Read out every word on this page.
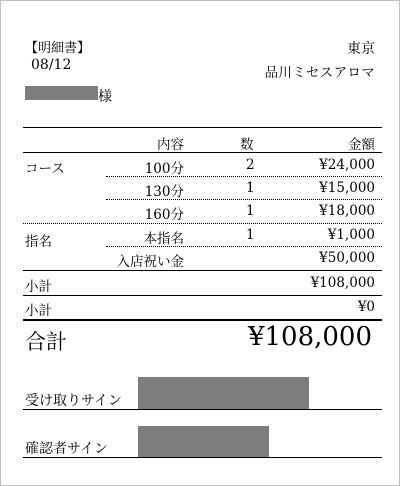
【明細書】
08/12
東京
品川ミセスアロマ
様
内容	数	金額
コース	100分	2	¥24,000
130分	1	¥15,000
160分	1	¥18,000
指名	本指名	1	¥1,000
入店祝い金	¥50,000
小計	¥108,000
小計	¥0
合計	¥108,000
受け取りサイン
確認者サイン
